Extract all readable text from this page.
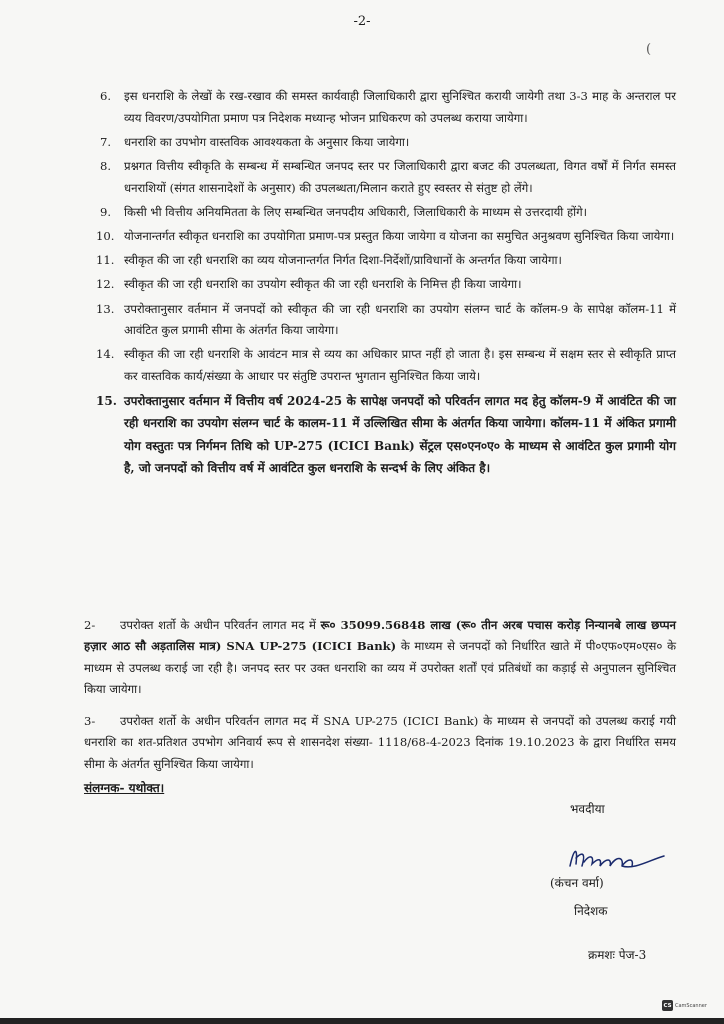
-2-
(
6.	इस धनराशि के लेखों के रख-रखाव की समस्त कार्यवाही जिलाधिकारी द्वारा सुनिश्चित करायी जायेगी तथा 3-3 माह के अन्तराल पर व्यय विवरण/उपयोगिता प्रमाण पत्र निदेशक मध्यान्ह भोजन प्राधिकरण को उपलब्ध कराया जायेगा।
7.	धनराशि का उपभोग वास्तविक आवश्यकता के अनुसार किया जायेगा।
8.	प्रश्नगत वित्तीय स्वीकृति के सम्बन्ध में सम्बन्धित जनपद स्तर पर जिलाधिकारी द्वारा बजट की उपलब्धता, विगत वर्षों में निर्गत समस्त धनराशियों (संगत शासनादेशों के अनुसार) की उपलब्धता/मिलान कराते हुए स्वस्तर से संतुष्ट हो लेंगे।
9.	किसी भी वित्तीय अनियमितता के लिए सम्बन्धित जनपदीय अधिकारी, जिलाधिकारी के माध्यम से उत्तरदायी होंगे।
10. योजनान्तर्गत स्वीकृत धनराशि का उपयोगिता प्रमाण-पत्र प्रस्तुत किया जायेगा व योजना का समुचित अनुश्रवण सुनिश्चित किया जायेगा।
11. स्वीकृत की जा रही धनराशि का व्यय योजनान्तर्गत निर्गत दिशा-निर्देशों/प्राविधानों के अन्तर्गत किया जायेगा।
12. स्वीकृत की जा रही धनराशि का उपयोग स्वीकृत की जा रही धनराशि के निमित्त ही किया जायेगा।
13. उपरोक्तानुसार वर्तमान में जनपदों को स्वीकृत की जा रही धनराशि का उपयोग संलग्न चार्ट के कॉलम-9 के सापेक्ष कॉलम-11 में आवंटित कुल प्रगामी सीमा के अंतर्गत किया जायेगा।
14. स्वीकृत की जा रही धनराशि के आवंटन मात्र से व्यय का अधिकार प्राप्त नहीं हो जाता है। इस सम्बन्ध में सक्षम स्तर से स्वीकृति प्राप्त कर वास्तविक कार्य/संख्या के आधार पर संतुष्टि उपरान्त भुगतान सुनिश्चित किया जाये।
15. उपरोक्तानुसार वर्तमान में वित्तीय वर्ष 2024-25 के सापेक्ष जनपदों को परिवर्तन लागत मद हेतु कॉलम-9 में आवंटित की जा रही धनराशि का उपयोग संलग्न चार्ट के कालम-11 में उल्लिखित सीमा के अंतर्गत किया जायेगा। कॉलम-11 में अंकित प्रगामी योग वस्तुतः पत्र निर्गमन तिथि को UP-275 (ICICI Bank) सेंट्रल एस०एन०ए० के माध्यम से आवंटित कुल प्रगामी योग है, जो जनपदों को वित्तीय वर्ष में आवंटित कुल धनराशि के सन्दर्भ के लिए अंकित है।
2- उपरोक्त शर्तो के अधीन परिवर्तन लागत मद में रू० 35099.56848 लाख (रू० तीन अरब पचास करोड़ निन्यानबे लाख छप्पन हज़ार आठ सौ अड़तालिस मात्र) SNA UP-275 (ICICI Bank) के माध्यम से जनपदों को निर्धारित खाते में पी०एफ०एम०एस० के माध्यम से उपलब्ध कराई जा रही है। जनपद स्तर पर उक्त धनराशि का व्यय में उपरोक्त शर्तों एवं प्रतिबंधों का कड़ाई से अनुपालन सुनिश्चित किया जायेगा।
3- उपरोक्त शर्तो के अधीन परिवर्तन लागत मद में SNA UP-275 (ICICI Bank) के माध्यम से जनपदों को उपलब्ध कराई गयी धनराशि का शत-प्रतिशत उपभोग अनिवार्य रूप से शासनदेश संख्या- 1118/68-4-2023 दिनांक 19.10.2023 के द्वारा निर्धारित समय सीमा के अंतर्गत सुनिश्चित किया जायेगा।
संलग्नक- यथोक्त।
भवदीया
(कंचन वर्मा)
निदेशक
क्रमशः पेज-3
CS CamScanner
